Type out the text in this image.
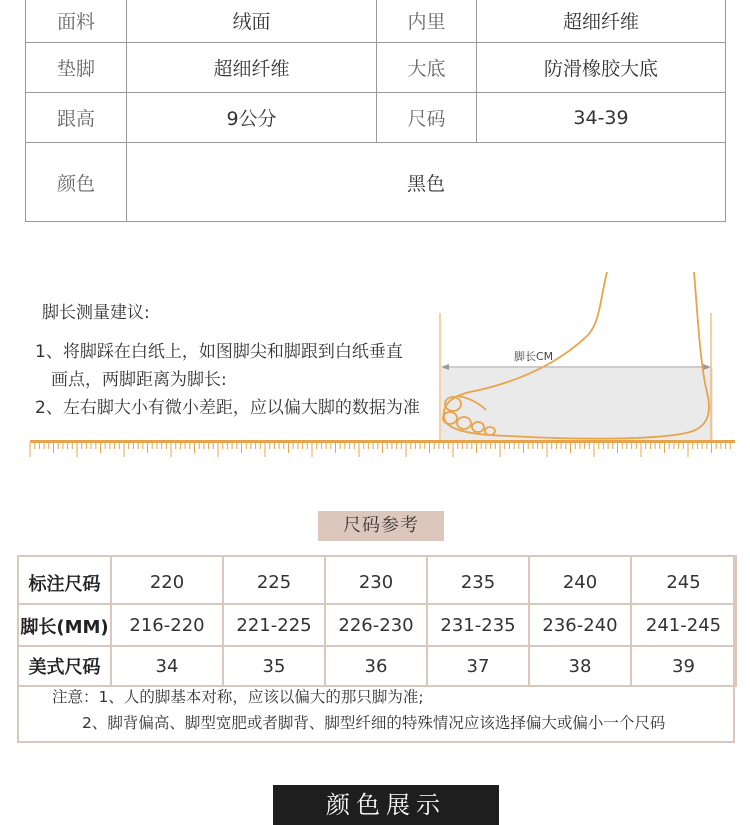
面料	绒面	内里	超细纤维
垫脚	超细纤维	大底	防滑橡胶大底
跟高	9公分	尺码	34-39
颜色	黑色		
脚长测量建议:
1、将脚踩在白纸上，如图脚尖和脚跟到白纸垂直
画点，两脚距离为脚长:
2、左右脚大小有微小差距，应以偏大脚的数据为准
脚长CM
尺码参考
标注尺码	220	225	230	235	240	245
脚长(MM)	216-220	221-225	226-230	231-235	236-240	241-245
美式尺码	34	35	36	37	38	39
注意：1、人的脚基本对称，应该以偏大的那只脚为准;
2、脚背偏高、脚型宽肥或者脚背、脚型纤细的特殊情况应该选择偏大或偏小一个尺码
颜色展示
